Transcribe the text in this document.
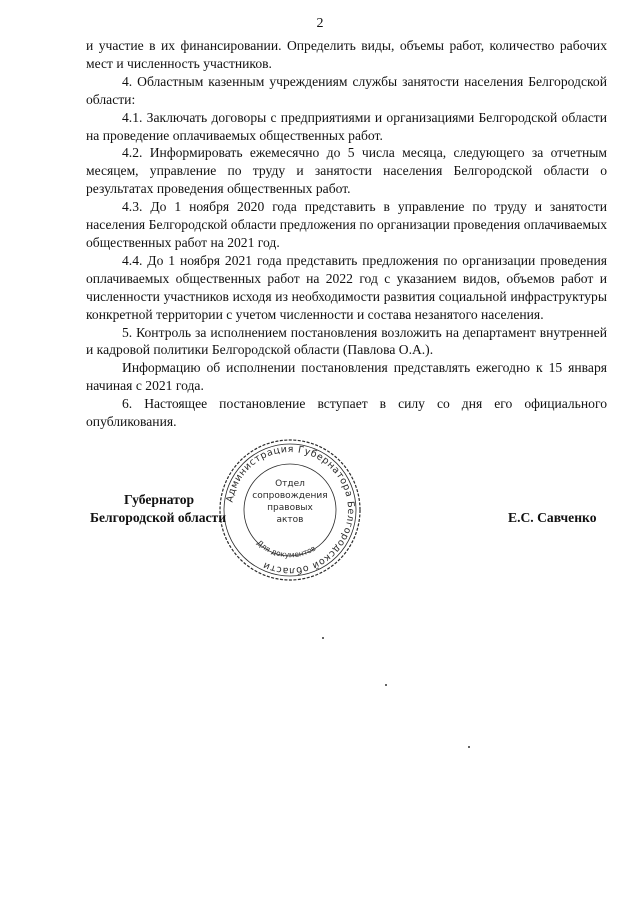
2

и участие в их финансировании. Определить виды, объемы работ, количество рабочих мест и численность участников.

4. Областным казенным учреждениям службы занятости населения Белгородской области:

4.1. Заключать договоры с предприятиями и организациями Белгородской области на проведение оплачиваемых общественных работ.

4.2. Информировать ежемесячно до 5 числа месяца, следующего за отчетным месяцем, управление по труду и занятости населения Белгородской области о результатах проведения общественных работ.

4.3. До 1 ноября 2020 года представить в управление по труду и занятости населения Белгородской области предложения по организации проведения оплачиваемых общественных работ на 2021 год.

4.4. До 1 ноября 2021 года представить предложения по организации проведения оплачиваемых общественных работ на 2022 год с указанием видов, объемов работ и численности участников исходя из необходимости развития социальной инфраструктуры конкретной территории с учетом численности и состава незанятого населения.

5. Контроль за исполнением постановления возложить на департамент внутренней и кадровой политики Белгородской области (Павлова О.А.).

Информацию об исполнении постановления представлять ежегодно к 15 января начиная с 2021 года.

6. Настоящее постановление вступает в силу со дня его официального опубликования.

Администрация Губернатора Белгородской области
Отдел
сопровождения
правовых
актов
Для документов
Губернатор
Белгородской области	Е.С. Савченко
